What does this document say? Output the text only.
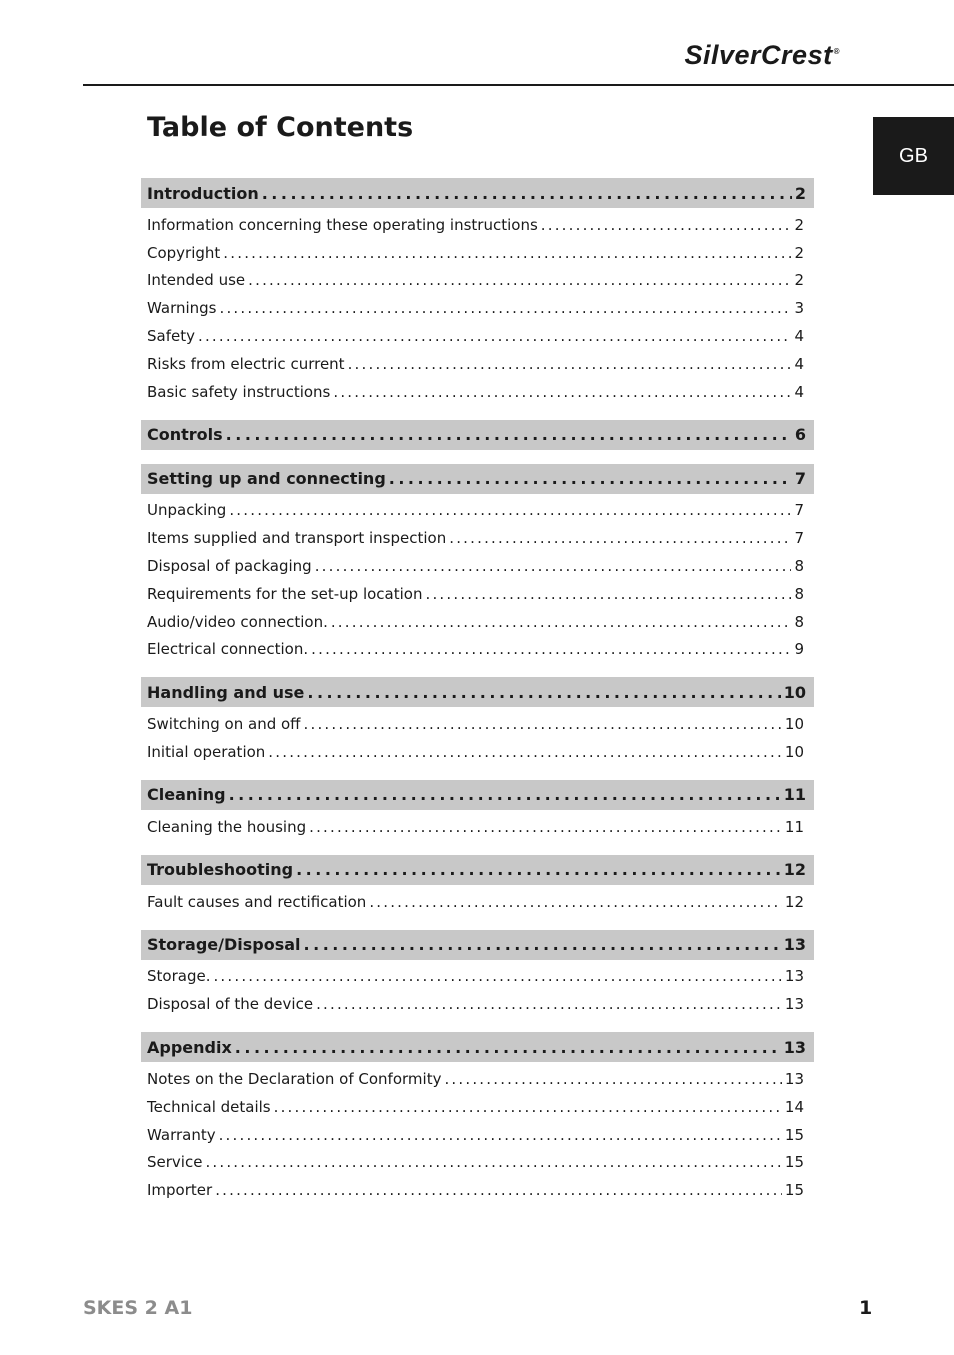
SilverCrest®
GB
Table of Contents
Introduction .....	2
Information concerning these operating instructions .....	2
Copyright .....	2
Intended use .....	2
Warnings .....	3
Safety .....	4
Risks from electric current .....	4
Basic safety instructions .....	4
Controls .....	6
Setting up and connecting .....	7
Unpacking .....	7
Items supplied and transport inspection .....	7
Disposal of packaging .....	8
Requirements for the set-up location .....	8
Audio/video connection. .....	8
Electrical connection. .....	9
Handling and use .....	10
Switching on and off .....	10
Initial operation .....	10
Cleaning .....	11
Cleaning the housing .....	11
Troubleshooting .....	12
Fault causes and rectification .....	12
Storage/Disposal .....	13
Storage. .....	13
Disposal of the device .....	13
Appendix .....	13
Notes on the Declaration of Conformity .....	13
Technical details .....	14
Warranty .....	15
Service .....	15
Importer .....	15
SKES 2 A1	1
